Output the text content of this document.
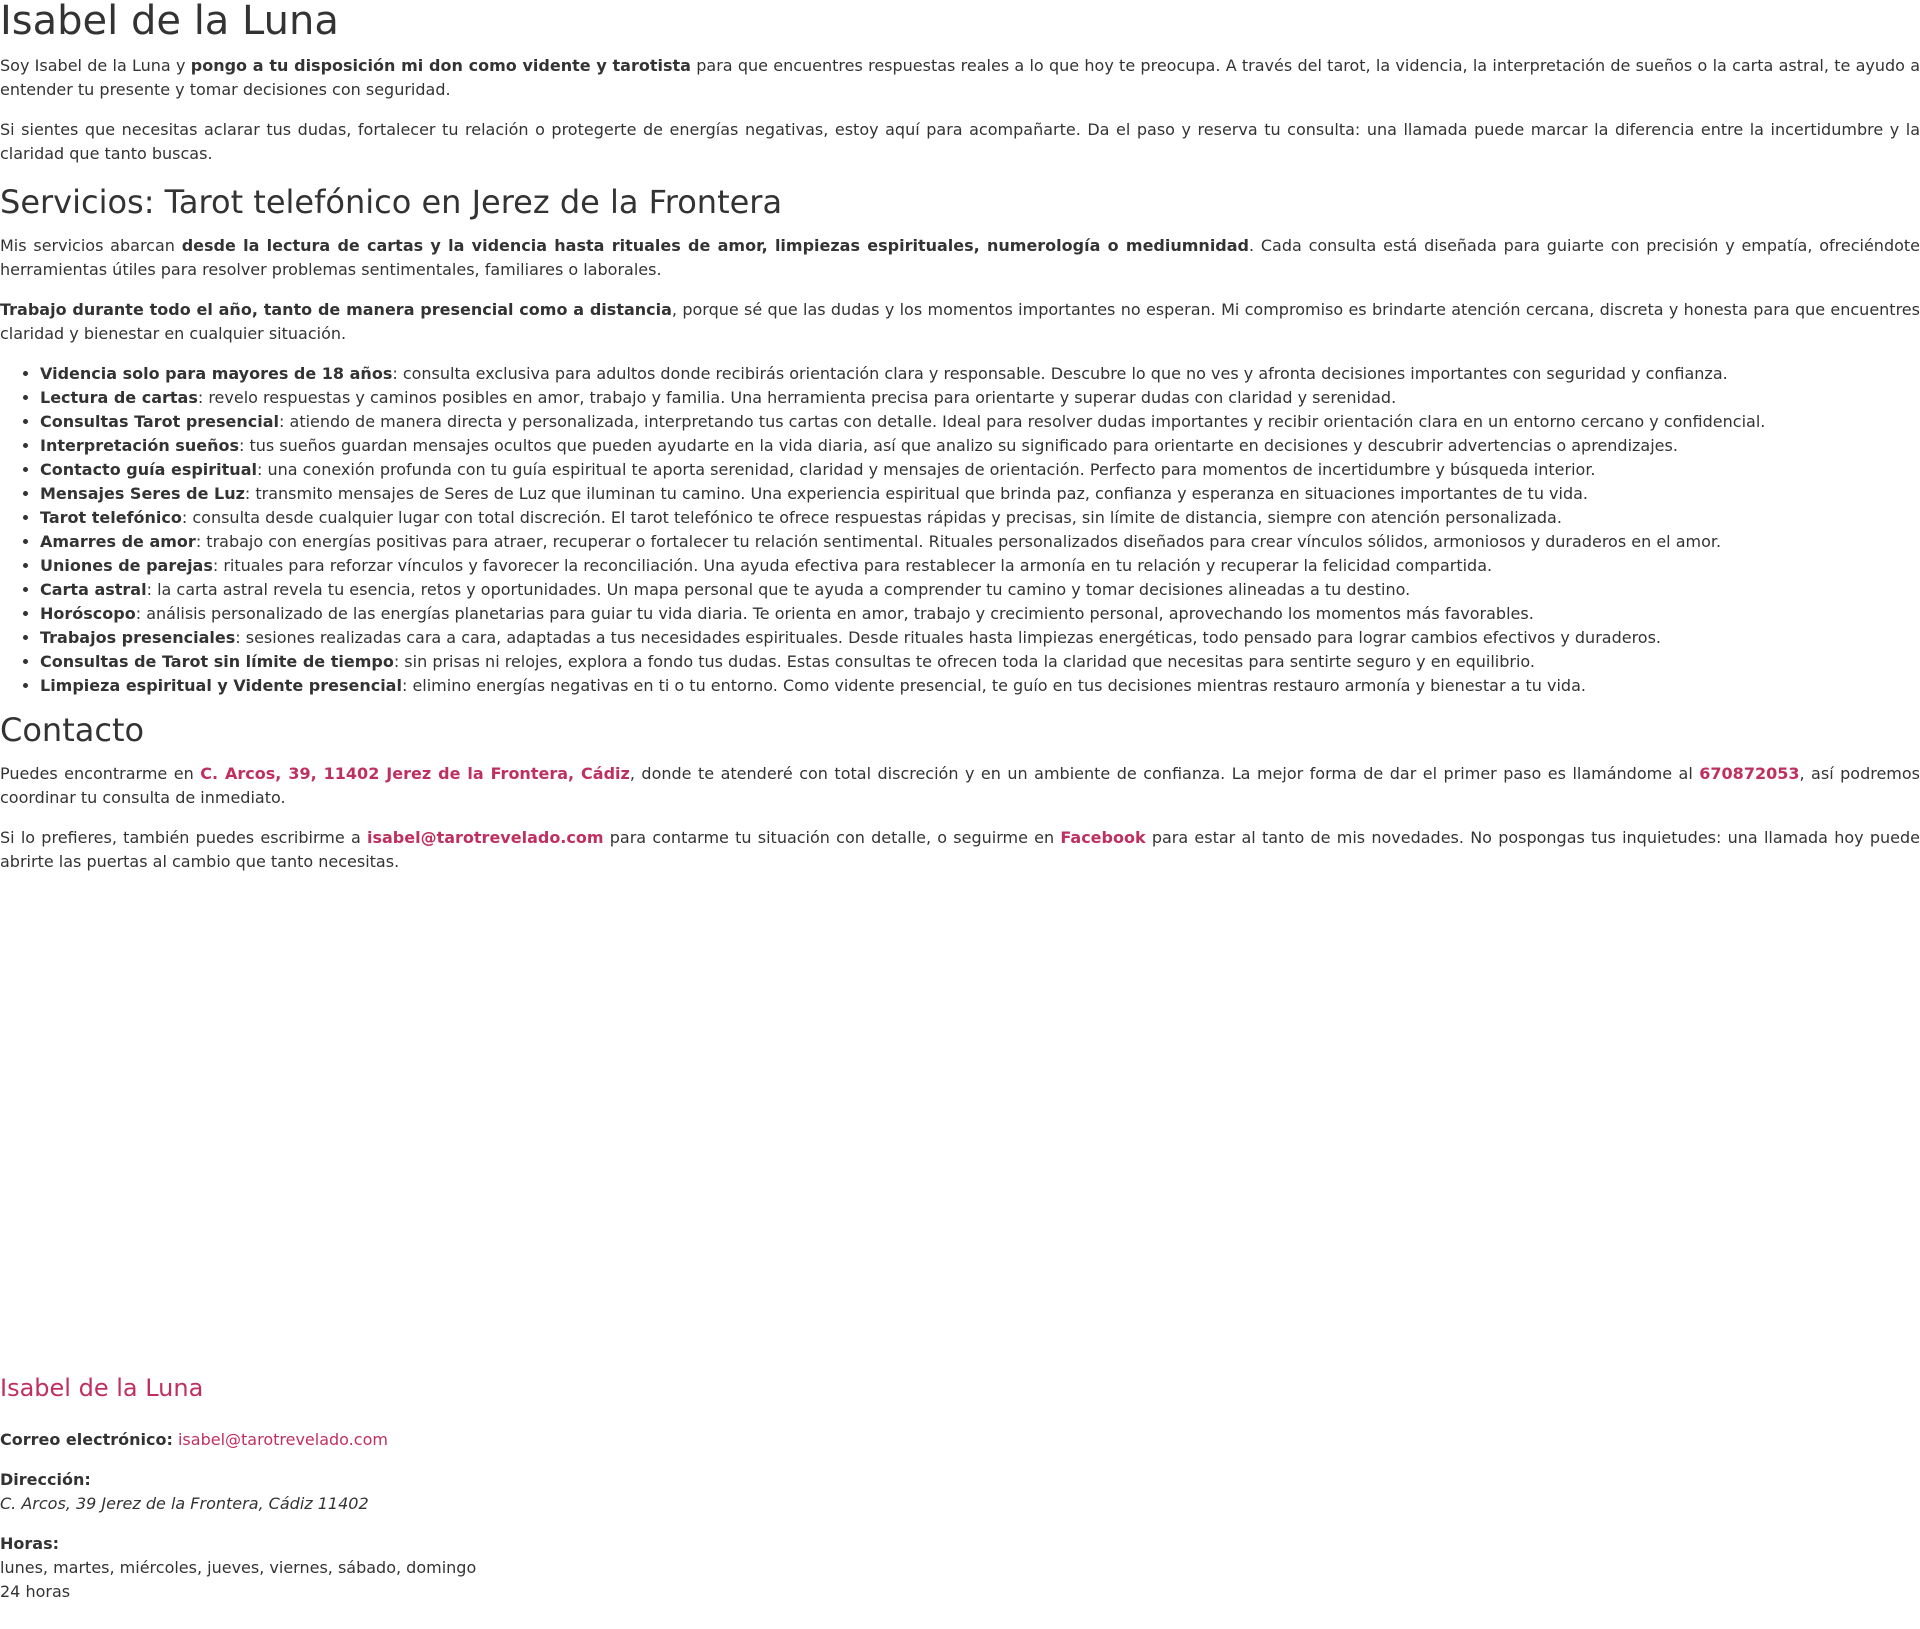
Isabel de la Luna

Soy Isabel de la Luna y pongo a tu disposición mi don como vidente y tarotista para que encuentres respuestas reales a lo que hoy te preocupa. A través del tarot, la videncia, la interpretación de sueños o la carta astral, te ayudo a entender tu presente y tomar decisiones con seguridad.

Si sientes que necesitas aclarar tus dudas, fortalecer tu relación o protegerte de energías negativas, estoy aquí para acompañarte. Da el paso y reserva tu consulta: una llamada puede marcar la diferencia entre la incertidumbre y la claridad que tanto buscas.

Servicios: Tarot telefónico en Jerez de la Frontera

Mis servicios abarcan desde la lectura de cartas y la videncia hasta rituales de amor, limpiezas espirituales, numerología o mediumnidad. Cada consulta está diseñada para guiarte con precisión y empatía, ofreciéndote herramientas útiles para resolver problemas sentimentales, familiares o laborales.

Trabajo durante todo el año, tanto de manera presencial como a distancia, porque sé que las dudas y los momentos importantes no esperan. Mi compromiso es brindarte atención cercana, discreta y honesta para que encuentres claridad y bienestar en cualquier situación.

• Videncia solo para mayores de 18 años: consulta exclusiva para adultos donde recibirás orientación clara y responsable. Descubre lo que no ves y afronta decisiones importantes con seguridad y confianza.
• Lectura de cartas: revelo respuestas y caminos posibles en amor, trabajo y familia. Una herramienta precisa para orientarte y superar dudas con claridad y serenidad.
• Consultas Tarot presencial: atiendo de manera directa y personalizada, interpretando tus cartas con detalle. Ideal para resolver dudas importantes y recibir orientación clara en un entorno cercano y confidencial.
• Interpretación sueños: tus sueños guardan mensajes ocultos que pueden ayudarte en la vida diaria, así que analizo su significado para orientarte en decisiones y descubrir advertencias o aprendizajes.
• Contacto guía espiritual: una conexión profunda con tu guía espiritual te aporta serenidad, claridad y mensajes de orientación. Perfecto para momentos de incertidumbre y búsqueda interior.
• Mensajes Seres de Luz: transmito mensajes de Seres de Luz que iluminan tu camino. Una experiencia espiritual que brinda paz, confianza y esperanza en situaciones importantes de tu vida.
• Tarot telefónico: consulta desde cualquier lugar con total discreción. El tarot telefónico te ofrece respuestas rápidas y precisas, sin límite de distancia, siempre con atención personalizada.
• Amarres de amor: trabajo con energías positivas para atraer, recuperar o fortalecer tu relación sentimental. Rituales personalizados diseñados para crear vínculos sólidos, armoniosos y duraderos en el amor.
• Uniones de parejas: rituales para reforzar vínculos y favorecer la reconciliación. Una ayuda efectiva para restablecer la armonía en tu relación y recuperar la felicidad compartida.
• Carta astral: la carta astral revela tu esencia, retos y oportunidades. Un mapa personal que te ayuda a comprender tu camino y tomar decisiones alineadas a tu destino.
• Horóscopo: análisis personalizado de las energías planetarias para guiar tu vida diaria. Te orienta en amor, trabajo y crecimiento personal, aprovechando los momentos más favorables.
• Trabajos presenciales: sesiones realizadas cara a cara, adaptadas a tus necesidades espirituales. Desde rituales hasta limpiezas energéticas, todo pensado para lograr cambios efectivos y duraderos.
• Consultas de Tarot sin límite de tiempo: sin prisas ni relojes, explora a fondo tus dudas. Estas consultas te ofrecen toda la claridad que necesitas para sentirte seguro y en equilibrio.
• Limpieza espiritual y Vidente presencial: elimino energías negativas en ti o tu entorno. Como vidente presencial, te guío en tus decisiones mientras restauro armonía y bienestar a tu vida.
Contacto

Puedes encontrarme en C. Arcos, 39, 11402 Jerez de la Frontera, Cádiz, donde te atenderé con total discreción y en un ambiente de confianza. La mejor forma de dar el primer paso es llamándome al 670872053, así podremos coordinar tu consulta de inmediato.

Si lo prefieres, también puedes escribirme a isabel@tarotrevelado.com para contarme tu situación con detalle, o seguirme en Facebook para estar al tanto de mis novedades. No pospongas tus inquietudes: una llamada hoy puede abrirte las puertas al cambio que tanto necesitas.

Isabel de la Luna

Correo electrónico: isabel@tarotrevelado.com

Dirección:
C. Arcos, 39 Jerez de la Frontera, Cádiz 11402

Horas:
lunes, martes, miércoles, jueves, viernes, sábado, domingo
24 horas
